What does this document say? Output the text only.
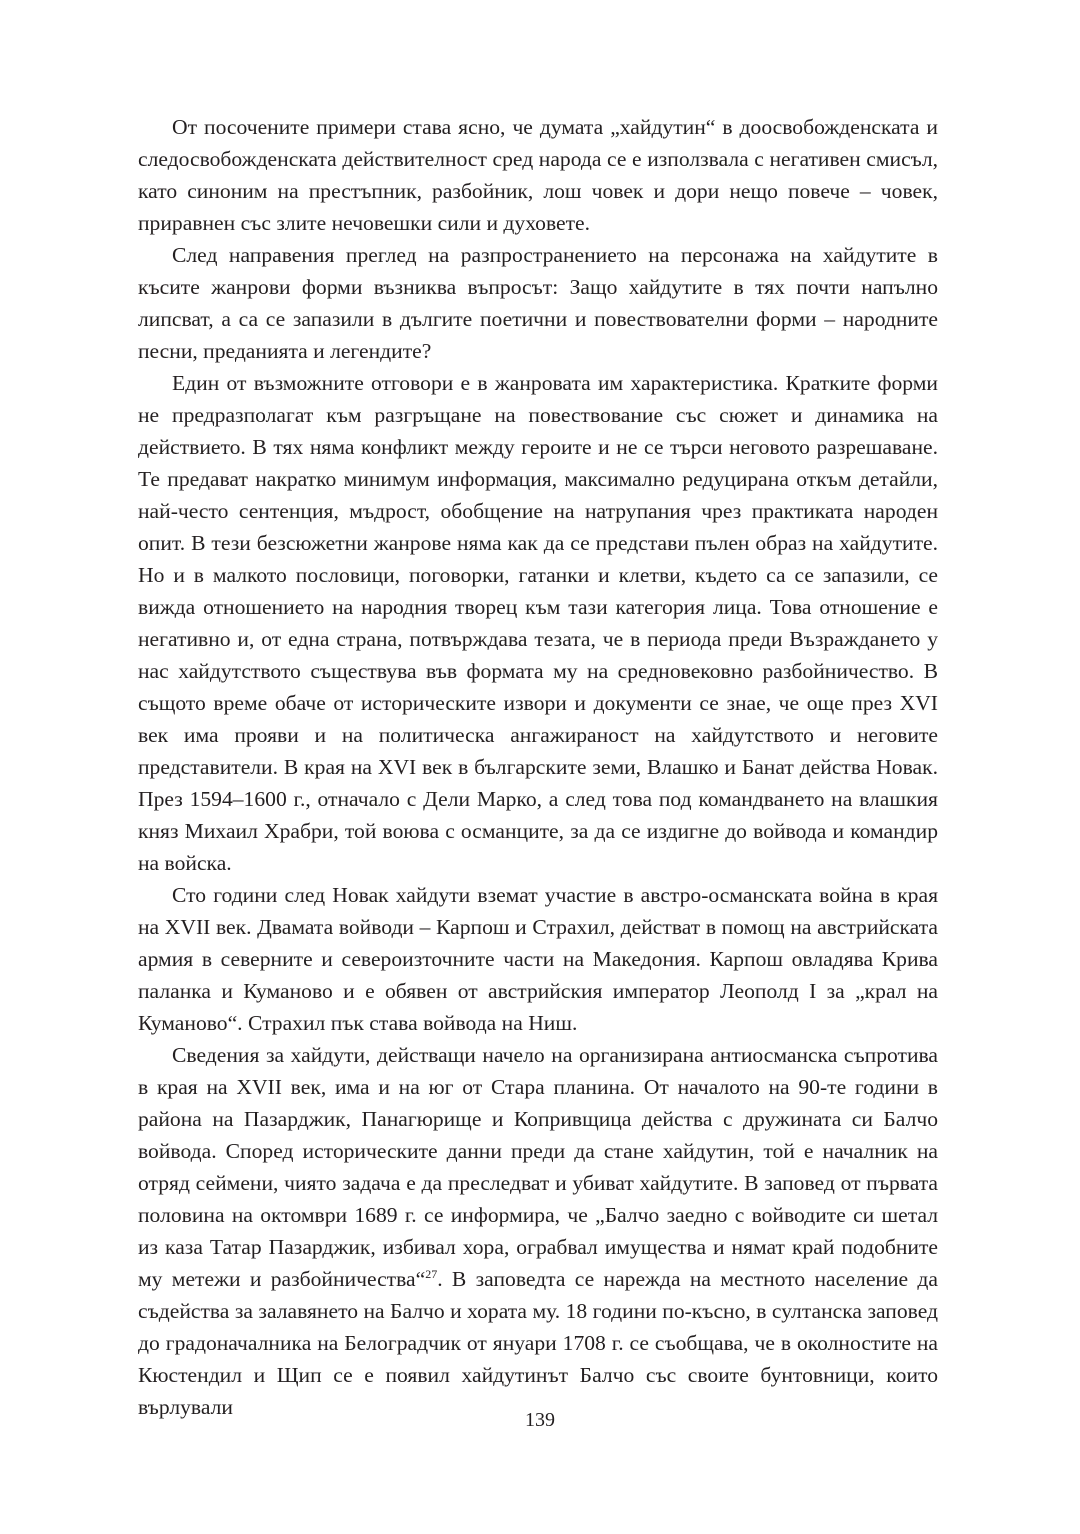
От посочените примери става ясно, че думата „хайдутин“ в доосвобожденската и следосвобожденската действителност сред народа се е използвала с негативен смисъл, като синоним на престъпник, разбойник, лош човек и дори нещо повече – човек, приравнен със злите нечовешки сили и духовете.

След направения преглед на разпространението на персонажа на хайдутите в късите жанрови форми възниква въпросът: Защо хайдутите в тях почти напълно липсват, а са се запазили в дългите поетични и повествователни форми – народните песни, преданията и легендите?

Един от възможните отговори е в жанровата им характеристика. Кратките форми не предразполагат към разгръщане на повествование със сюжет и динамика на действието. В тях няма конфликт между героите и не се търси неговото разрешаване. Те предават накратко минимум информация, максимално редуцирана откъм детайли, най-често сентенция, мъдрост, обобщение на натрупания чрез практиката народен опит. В тези безсюжетни жанрове няма как да се представи пълен образ на хайдутите. Но и в малкото пословици, поговорки, гатанки и клетви, където са се запазили, се вижда отношението на народния творец към тази категория лица. Това отношение е негативно и, от една страна, потвърждава тезата, че в периода преди Възраждането у нас хайдутството съществува във формата му на средновековно разбойничество. В същото време обаче от историческите извори и документи се знае, че още през XVI век има прояви и на политическа ангажираност на хайдутството и неговите представители. В края на XVI век в българските земи, Влашко и Банат действа Новак. През 1594–1600 г., отначало с Дели Марко, а след това под командването на влашкия княз Михаил Храбри, той воюва с османците, за да се издигне до войвода и командир на войска.

Сто години след Новак хайдути вземат участие в австро-османската война в края на XVII век. Двамата войводи – Карпош и Страхил, действат в помощ на австрийската армия в северните и североизточните части на Македония. Карпош овладява Крива паланка и Куманово и е обявен от австрийския император Леополд I за „крал на Куманово“. Страхил пък става войвода на Ниш.

Сведения за хайдути, действащи начело на организирана антиосманска съпротива в края на XVII век, има и на юг от Стара планина. От началото на 90-те години в района на Пазарджик, Панагюрище и Копривщица действа с дружината си Балчо войвода. Според историческите данни преди да стане хайдутин, той е началник на отряд сеймени, чиято задача е да преследват и убиват хайдутите. В заповед от първата половина на октомври 1689 г. се информира, че „Балчо заедно с войводите си шетал из каза Татар Пазарджик, избивал хора, ограбвал имущества и нямат край подобните му метежи и разбойничества“$^{27}$. В заповедта се нарежда на местното население да съдейства за залавянето на Балчо и хората му. 18 години по-късно, в султанска заповед до градоначалника на Белоградчик от януари 1708 г. се съобщава, че в околностите на Кюстендил и Щип се е появил хайдутинът Балчо със своите бунтовници, които върлували

139
